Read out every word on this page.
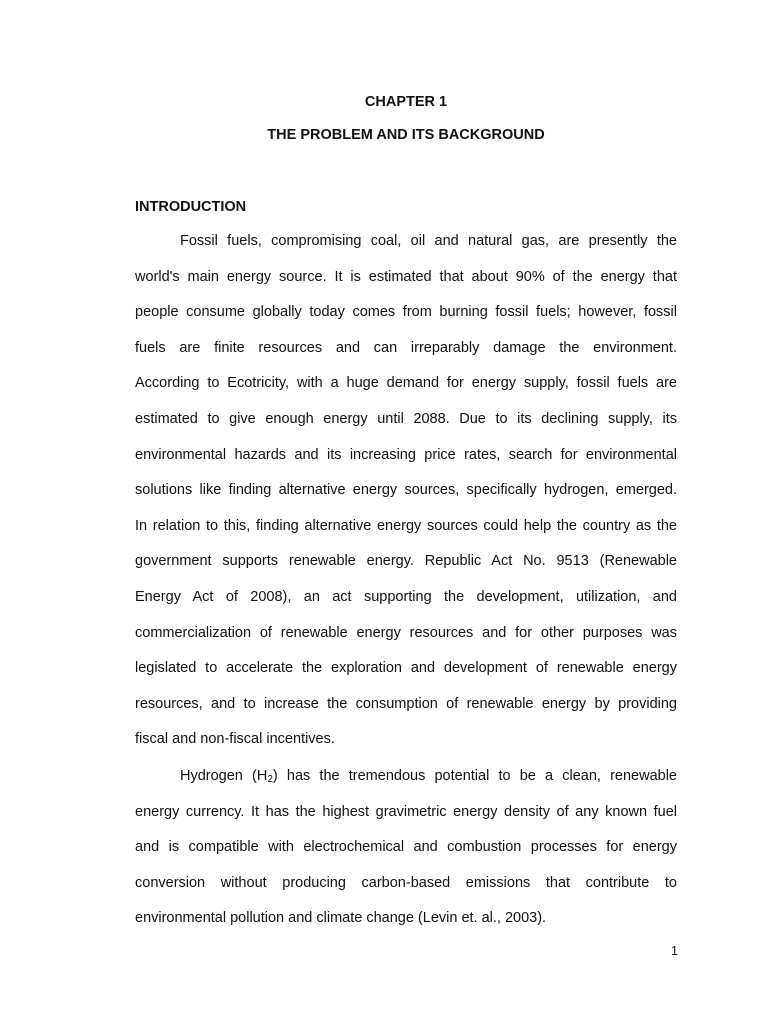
CHAPTER 1

THE PROBLEM AND ITS BACKGROUND

INTRODUCTION

Fossil fuels, compromising coal, oil and natural gas, are presently the
world's main energy source. It is estimated that about 90% of the energy that
people consume globally today comes from burning fossil fuels; however, fossil
fuels are finite resources and can irreparably damage the environment.
According to Ecotricity, with a huge demand for energy supply, fossil fuels are
estimated to give enough energy until 2088. Due to its declining supply, its
environmental hazards and its increasing price rates, search for environmental
solutions like finding alternative energy sources, specifically hydrogen, emerged.
In relation to this, finding alternative energy sources could help the country as the
government supports renewable energy. Republic Act No. 9513 (Renewable
Energy Act of 2008), an act supporting the development, utilization, and
commercialization of renewable energy resources and for other purposes was
legislated to accelerate the exploration and development of renewable energy
resources, and to increase the consumption of renewable energy by providing
fiscal and non-fiscal incentives.
Hydrogen $(H_2)$ has the tremendous potential to be a clean, renewable
energy currency. It has the highest gravimetric energy density of any known fuel
and is compatible with electrochemical and combustion processes for energy
conversion without producing carbon-based emissions that contribute to
environmental pollution and climate change (Levin et. al., 2003).

1
